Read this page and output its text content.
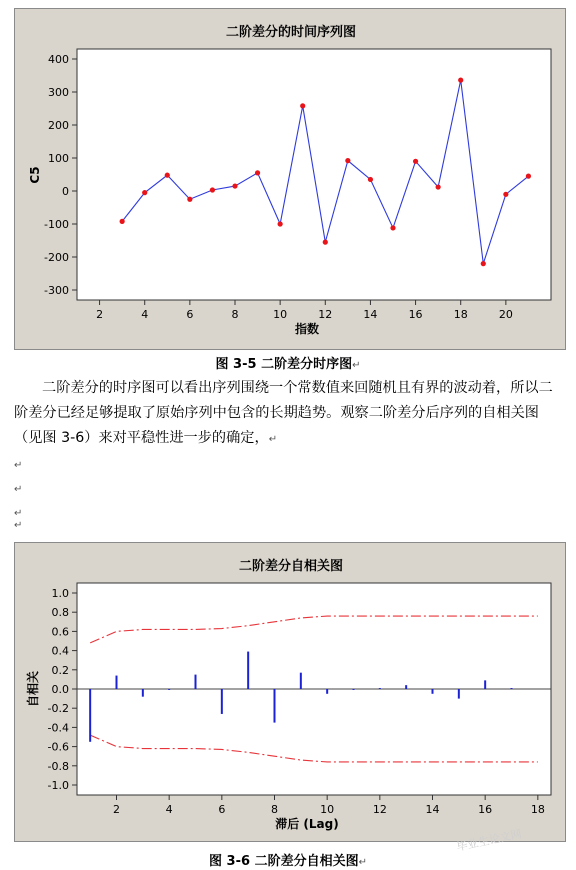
二阶差分的时间序列图
指数
C5
-300
-200
-100
0
100
200
300
400
2	4	6	8	10	12	14	16	18	20
图 3-5 二阶差分时序图↵

二阶差分的时序图可以看出序列围绕一个常数值来回随机且有界的波动着，所以二阶差分已经足够提取了原始序列中包含的长期趋势。观察二阶差分后序列的自相关图（见图 3-6）来对平稳性进一步的确定，↵

↵
↵
↵
↵
二阶差分自相关图
滞后 (Lag)
自相关
-1.0
-0.8
-0.6
-0.4
-0.2
0.0
0.2
0.4
0.6
0.8
1.0
2	4	6	8	10	12	14	16	18
图 3-6 二阶差分自相关图↵
毕业生论文网
